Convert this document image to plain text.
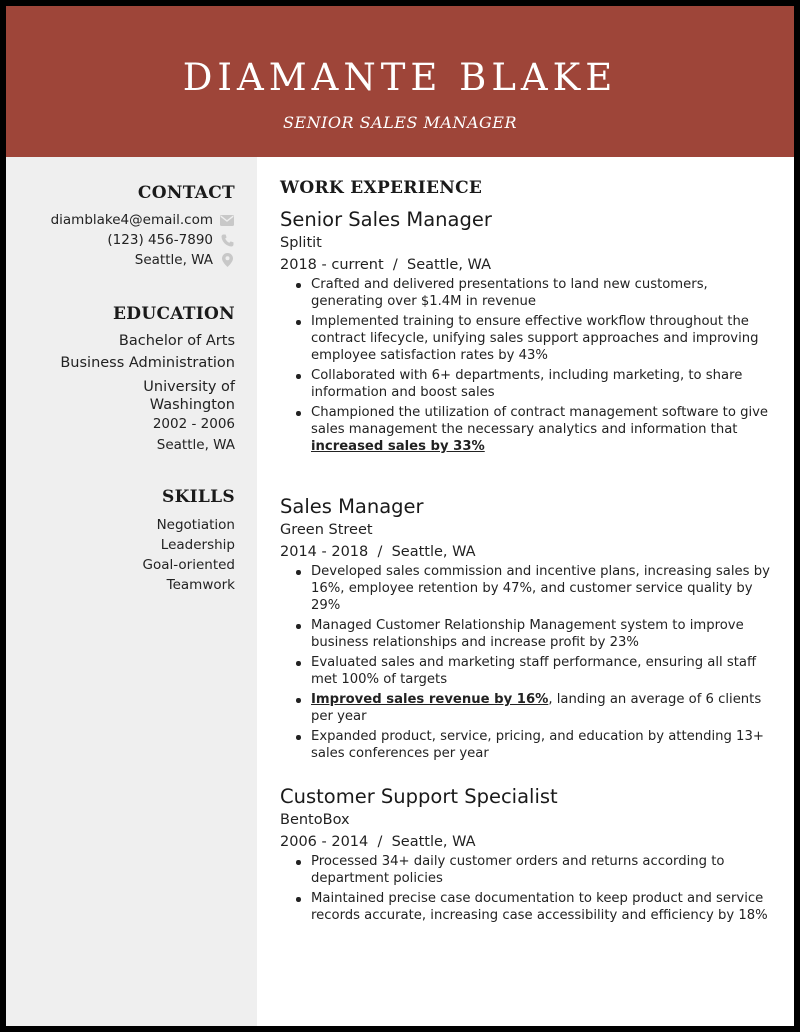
DIAMANTE BLAKE
SENIOR SALES MANAGER
CONTACT
diamblake4@email.com
(123) 456-7890
Seattle, WA
EDUCATION
Bachelor of Arts
Business Administration
University of
Washington
2002 - 2006
Seattle, WA
SKILLS
Negotiation
Leadership
Goal-oriented
Teamwork
WORK EXPERIENCE
Senior Sales Manager
Splitit
2018 - current  /  Seattle, WA
Crafted and delivered presentations to land new customers, generating over $1.4M in revenue
Implemented training to ensure effective workflow throughout the contract lifecycle, unifying sales support approaches and improving employee satisfaction rates by 43%
Collaborated with 6+ departments, including marketing, to share information and boost sales
Championed the utilization of contract management software to give sales management the necessary analytics and information that increased sales by 33%
Sales Manager
Green Street
2014 - 2018  /  Seattle, WA
Developed sales commission and incentive plans, increasing sales by 16%, employee retention by 47%, and customer service quality by 29%
Managed Customer Relationship Management system to improve business relationships and increase profit by 23%
Evaluated sales and marketing staff performance, ensuring all staff met 100% of targets
Improved sales revenue by 16%, landing an average of 6 clients per year
Expanded product, service, pricing, and education by attending 13+ sales conferences per year
Customer Support Specialist
BentoBox
2006 - 2014  /  Seattle, WA
Processed 34+ daily customer orders and returns according to department policies
Maintained precise case documentation to keep product and service records accurate, increasing case accessibility and efficiency by 18%
